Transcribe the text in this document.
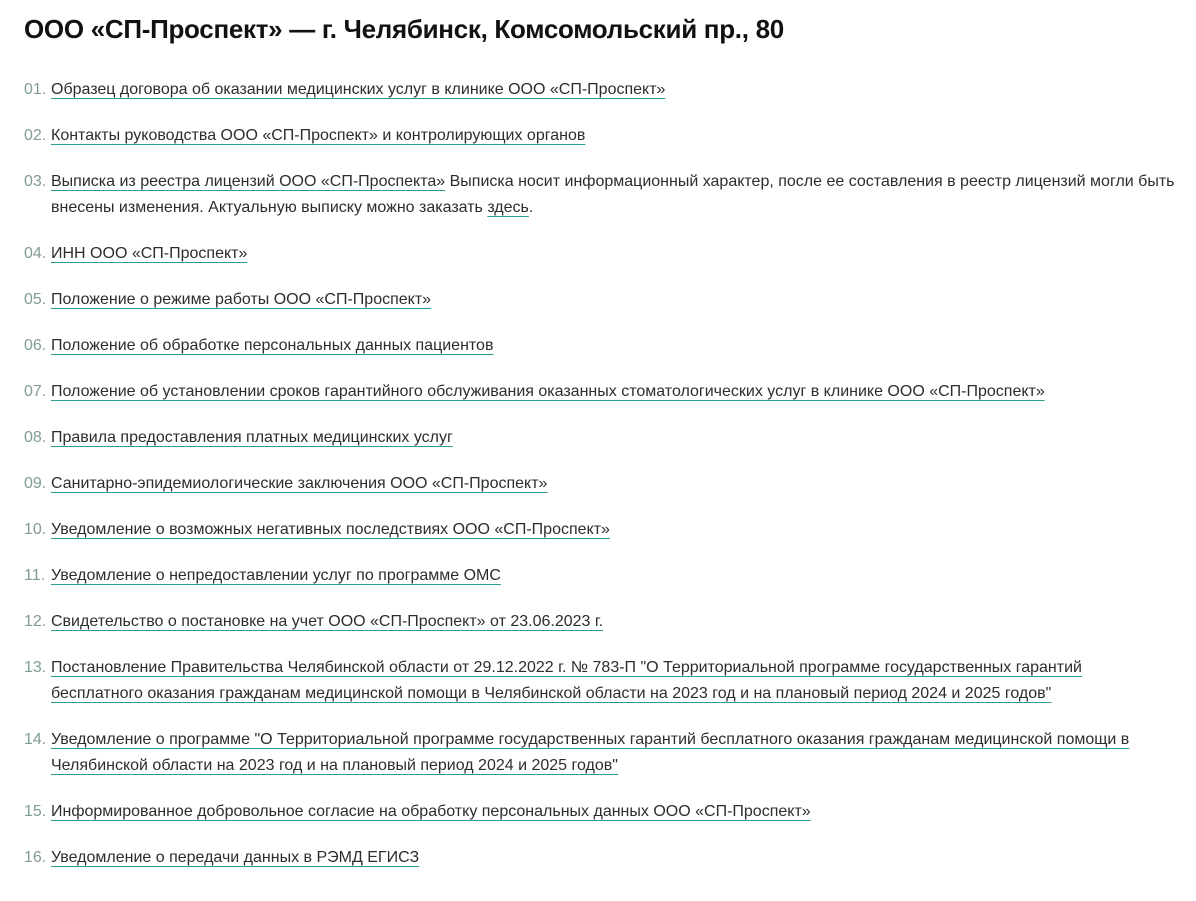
ООО «СП-Проспект» — г. Челябинск, Комсомольский пр., 80
01. Образец договора об оказании медицинских услуг в клинике ООО «СП-Проспект»
02. Контакты руководства ООО «СП-Проспект» и контролирующих органов
03. Выписка из реестра лицензий ООО «СП-Проспекта» Выписка носит информационный характер, после ее составления в реестр лицензий могли быть внесены изменения. Актуальную выписку можно заказать здесь.
04. ИНН ООО «СП-Проспект»
05. Положение о режиме работы ООО «СП-Проспект»
06. Положение об обработке персональных данных пациентов
07. Положение об установлении сроков гарантийного обслуживания оказанных стоматологических услуг в клинике ООО «СП-Проспект»
08. Правила предоставления платных медицинских услуг
09. Санитарно-эпидемиологические заключения ООО «СП-Проспект»
10. Уведомление о возможных негативных последствиях ООО «СП-Проспект»
11. Уведомление о непредоставлении услуг по программе ОМС
12. Свидетельство о постановке на учет ООО «СП-Проспект» от 23.06.2023 г.
13. Постановление Правительства Челябинской области от 29.12.2022 г. № 783-П "О Территориальной программе государственных гарантий бесплатного оказания гражданам медицинской помощи в Челябинской области на 2023 год и на плановый период 2024 и 2025 годов"
14. Уведомление о программе "О Территориальной программе государственных гарантий бесплатного оказания гражданам медицинской помощи в Челябинской области на 2023 год и на плановый период 2024 и 2025 годов"
15. Информированное добровольное согласие на обработку персональных данных ООО «СП-Проспект»
16. Уведомление о передачи данных в РЭМД ЕГИСЗ
